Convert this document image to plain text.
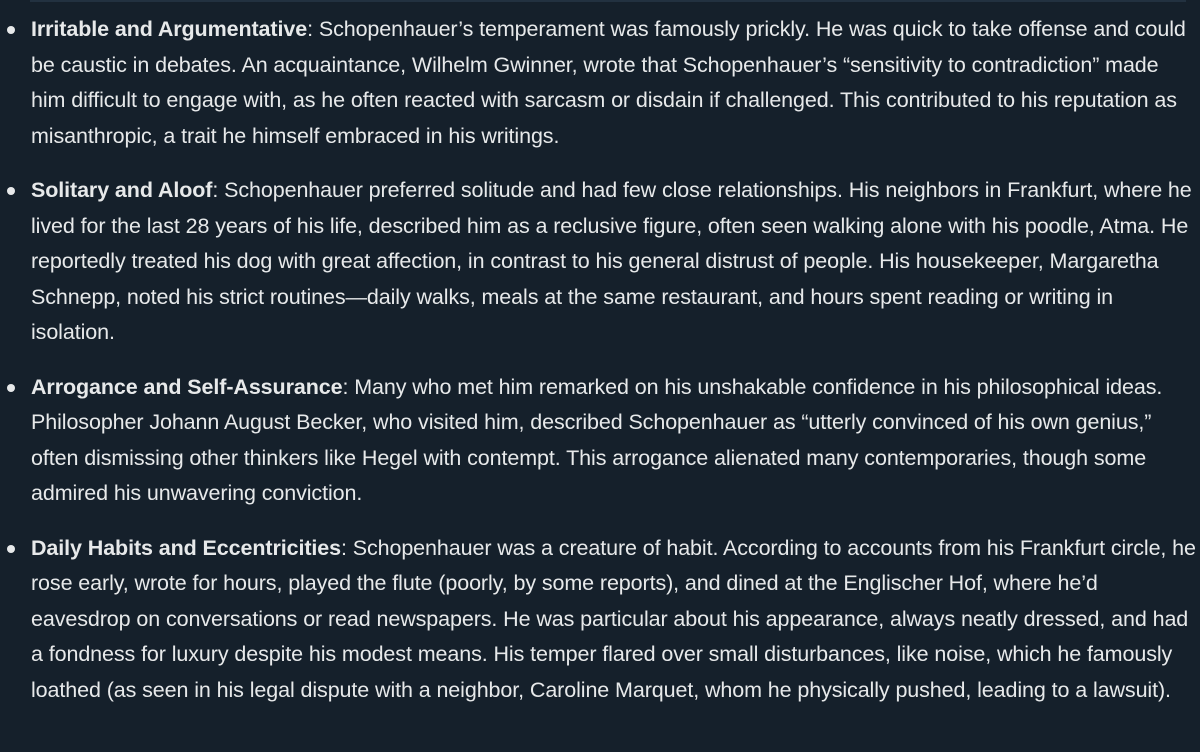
Irritable and Argumentative: Schopenhauer’s temperament was famously prickly. He was quick to take offense and could be caustic in debates. An acquaintance, Wilhelm Gwinner, wrote that Schopenhauer’s “sensitivity to contradiction” made him difficult to engage with, as he often reacted with sarcasm or disdain if challenged. This contributed to his reputation as misanthropic, a trait he himself embraced in his writings.
Solitary and Aloof: Schopenhauer preferred solitude and had few close relationships. His neighbors in Frankfurt, where he lived for the last 28 years of his life, described him as a reclusive figure, often seen walking alone with his poodle, Atma. He reportedly treated his dog with great affection, in contrast to his general distrust of people. His housekeeper, Margaretha Schnepp, noted his strict routines—daily walks, meals at the same restaurant, and hours spent reading or writing in isolation.
Arrogance and Self-Assurance: Many who met him remarked on his unshakable confidence in his philosophical ideas. Philosopher Johann August Becker, who visited him, described Schopenhauer as “utterly convinced of his own genius,” often dismissing other thinkers like Hegel with contempt. This arrogance alienated many contemporaries, though some admired his unwavering conviction.
Daily Habits and Eccentricities: Schopenhauer was a creature of habit. According to accounts from his Frankfurt circle, he rose early, wrote for hours, played the flute (poorly, by some reports), and dined at the Englischer Hof, where he’d eavesdrop on conversations or read newspapers. He was particular about his appearance, always neatly dressed, and had a fondness for luxury despite his modest means. His temper flared over small disturbances, like noise, which he famously loathed (as seen in his legal dispute with a neighbor, Caroline Marquet, whom he physically pushed, leading to a lawsuit).
